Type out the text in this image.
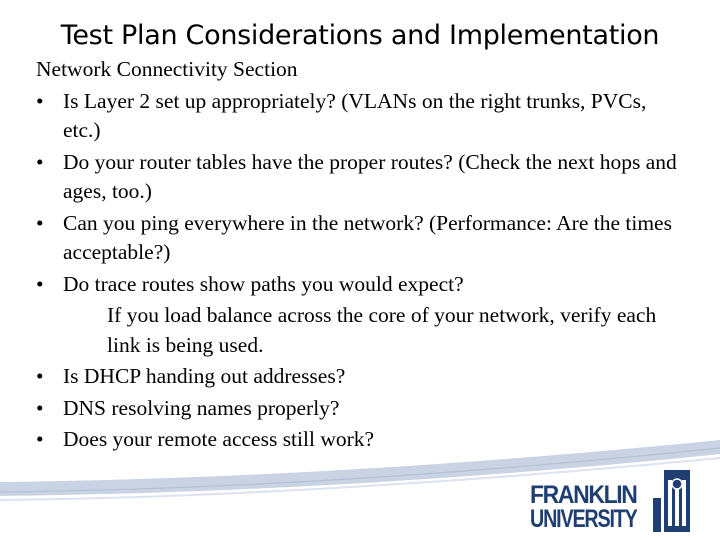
Test Plan Considerations and Implementation

Network Connectivity Section

• Is Layer 2 set up appropriately? (VLANs on the right trunks, PVCs, etc.)
• Do your router tables have the proper routes? (Check the next hops and ages, too.)
• Can you ping everywhere in the network? (Performance: Are the times acceptable?)
• Do trace routes show paths you would expect?

If you load balance across the core of your network, verify each link is being used.

• Is DHCP handing out addresses?
• DNS resolving names properly?
• Does your remote access still work?
FRANKLIN
UNIVERSITY
